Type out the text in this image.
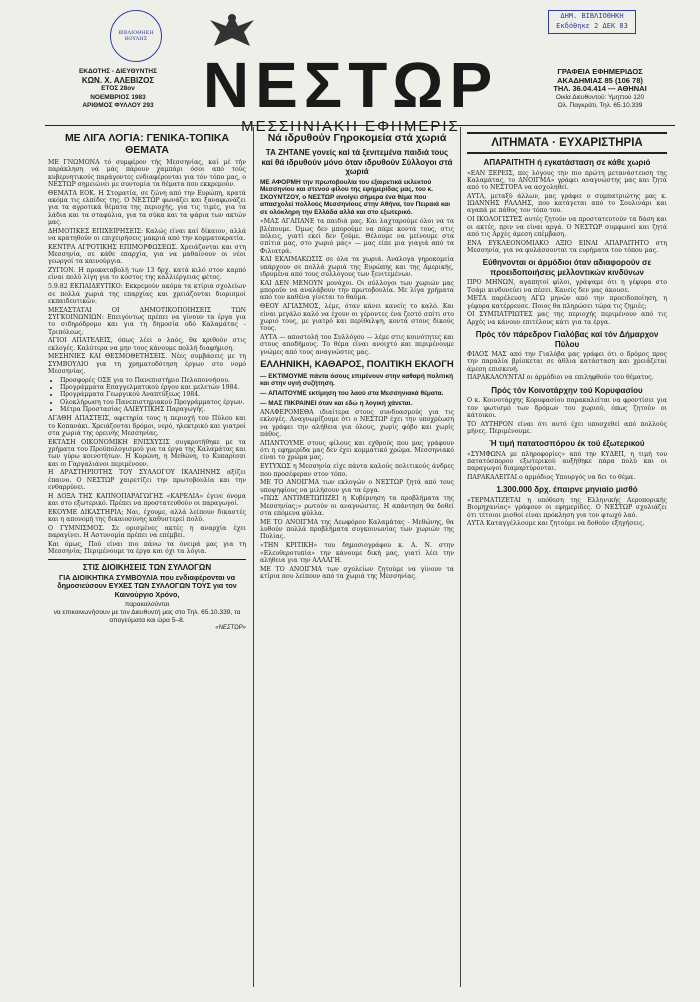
ΒΙΒΛΙΟΘΗΚΗ ΒΟΥΛΗΣ
ΔΗΜ. ΒΙΒΛΙΟΘΗΚΗ
Εκδόθηκε 2 ΔΕΚ 83
ΕΚΔΟΤΗΣ - ΔΙΕΥΘΥΝΤΗΣ
ΚΩΝ. Χ. ΑΛΕΒΙΖΟΣ
ΕΤΟΣ 28ον
ΝΟΕΜΒΡΙΟΣ 1983
ΑΡΙΘΜΟΣ ΦΥΛΛΟΥ 293 ΝΕΣΤΩΡ
ΜΕΣΣΗΝΙΑΚΗ ΕΦΗΜΕΡΙΣ
ΓΡΑΦΕΙΑ ΕΦΗΜΕΡΙΔΟΣ
ΑΚΑΔΗΜΙΑΣ 85 (106 78)
ΤΗΛ. 36.04.414 — ΑΘΗΝΑΙ
Οικία Διευθυντού: Υμηττού 120
Ολ. Παγκράτι, Τηλ. 65.10.339
ΜΕ ΛΙΓΑ ΛΟΓΙΑ: ΓΕΝΙΚΑ-ΤΟΠΙΚΑ ΘΕΜΑΤΑ
ΜΕ ΓΝΩΜΟΝΑ τό συμφέρον τής Μεσσηνίας, καί μέ τήν παράκληση νά μάς πάρουν χαμπάρι όσοι από τούς κυβερνητικούς παράγοντες ενδιαφέρονται για τόν τόπο μας, ο ΝΕΣΤΩΡ σημειώνει με συντομία τα θέματα που εκκρεμούν.
ΘΕΜΑΤΑ ΕΟΚ. Η Στοματία, σε ζώνη από την Ευρώπη, κρατά ακόμα τις ελπίδες της. Ο ΝΕΣΤΩΡ φωνάζει και ξαναφωνάζει για τα αγροτικά θέματα της περιοχής, για τις τιμές, για τα λάδια και τα σταφύλια, για τα σύκα και τα ψάρια των ακτών μας.
ΔΗΜΟΤΙΚΕΣ ΕΠΙΧΕΙΡΗΣΕΙΣ: Καλώς είναι καί δίκαιον, αλλά να κρατηθούν οι επιχειρήσεις μακριά από την κομματοκρατία.
ΚΕΝΤΡΑ ΑΓΡΟΤΙΚΗΣ ΕΠΙΜΟΡΦΩΣΕΩΣ. Χρειάζονται και στη Μεσσηνία, σε κάθε επαρχία, για να μαθαίνουν οι νέοι γεωργοί τα καινούργια.
ΖΥΓΙΟΝ. Η προκαταβολή των 13 δρχ. κατά κιλό στον καρπό είναι πολύ λίγη για το κόστος της καλλιέργειας φέτος.
5.9.82 ΕΚΠΑΙΔΕΥΤΙΚΟ: Εκκρεμούν ακόμα τα κτίρια σχολείων σε πολλά χωριά της επαρχίας και χρειάζονται διορισμοί εκπαιδευτικών.
ΜΕΣΑΣΤΑΤΑΙ ΟΙ ΔΗΜΟΤΙΚΟΠΟΙΗΣΕΙΣ ΤΩΝ ΣΥΓΚΟΙΝΩΝΙΩΝ: Επειγόντως πρέπει να γίνουν τα έργα για το σιδηρόδρομο και για τη δημοσία οδό Καλαμάτας - Τριπόλεως.
ΑΓΙΟΙ ΑΠΑΤΕΛΕΙΣ, όπως λέει ο λαός, θα κριθούν στις εκλογές. Καλύτερα να μην τους κάνουμε πολλή διαφήμιση.
ΜΕΣΗΝΙΕΣ ΚΑΙ ΘΕΣΜΟΘΕΤΗΣΕΙΣ. Νέες συμβάσεις με τη ΣΥΜΒΟΥΛΙΟ για τη χρηματοδότηση έργων στο νομό Μεσσηνίας.
• Προσφορές ΟΣΕ για το Πανεπιστήμιο Πελοποννήσου.
• Προγράμματα Επαγγελματικού έργου και μελετών 1984.
• Προγράμματα Γεωργικού Αναπτύξεως 1984.
• Ολοκλήρωση του Πανεπιστημιακού Προγράμματος έργων.
• Μέτρα Προστασίας ΑΛΙΕΥΤΙΚΗΣ Παραγωγής.
ΑΓΑΘΗ ΑΠΑΣΤΕΙΣ, αφετηρία τους η περιοχή του Πύλου και το Κοπανάκι. Χρειάζονται δρόμοι, νερό, ηλεκτρικό και γιατροί στα χωριά της ορεινής Μεσσηνίας.
ΕΚΤΑΣΗ ΟΙΚΟΝΟΜΙΚΗ ΕΝΙΣΧΥΣΙΣ συγκροτήθηκε με τα χρήματα του Προϋπολογισμού για τα έργα της Καλαμάτας και των γύρω κοινοτήτων. Η Κορώνη, η Μεθώνη, το Κυπαρίσσι και οι Γαργαλιάνοι περιμένουν.
Η ΔΡΑΣΤΗΡΙΟΤΗΣ ΤΟΥ ΣΥΛΛΟΓΟΥ ΙΚΑΛΙΗΝΗΣ αξίζει έπαινο. Ο ΝΕΣΤΩΡ χαιρετίζει την πρωτοβουλία και την ενθαρρύνει.
Η ΔΟΞΑ ΤΗΣ ΚΑΠΝΟΠΑΡΑΓΩΓΗΣ «ΚΑΡΕΛΙΑ» έγινε όνομα και στο εξωτερικό. Πρέπει να προστατευθούν οι παραγωγοί.
ΕΚΟΥΜΕ ΔΙΚΑΣΤΗΡΙΑ; Ναι, έχουμε, αλλά λείπουν δικαστές και η απονομή της δικαιοσύνης καθυστερεί πολύ.
Ο ΓΥΜΝΙΣΜΟΣ. Σε ορισμένες ακτές η αναρχία έχει παραγίνει. Η Αστυνομία πρέπει να επέμβει.
Και όμως, Πού είναι πιο πάνω τα όνειρά μας για τη Μεσσηνία; Περιμένουμε τα έργα και όχι τα λόγια.
ΣΤΙΣ ΔΙΟΙΚΗΣΕΙΣ ΤΩΝ ΣΥΛΛΟΓΩΝ
ΓΙΑ ΔΙΟΙΚΗΤΙΚΑ ΣΥΜΒΟΥΛΙΑ που ενδιαφέρονται να δημοσιεύσουν ΕΥΧΕΣ ΤΩΝ ΣΥΛΛΟΓΩΝ ΤΟΥΣ για τον Καινούργιο Χρόνο,
παρακαλούνται
να επικοινωνήσουν με τον Διευθυντή μας στο Τηλ. 65.10.339, τα απογεύματα και ώρα 5–8.
«ΝΕΣΤΩΡ»
Νά ιδρυθούν Γηροκομεία στά χωριά
ΤΑ ΖΗΤΑΝΕ γονείς καί τά ξενιτεμένα παιδιά τους καί θά ιδρυθούν μόνο όταν ιδρυθούν Σύλλογοι στά χωριά
ΜΕ ΑΦΟΡΜΗ την πρωτοβουλία του εξαιρετικά εκλεκτού Μεσσηνίου και στενού φίλου της εφημερίδας μας, του κ. ΣΚΟΥΝΤΖΟΥ, ο ΝΕΣΤΩΡ ανοίγει σήμερα ένα θέμα που απασχολεί πολλούς Μεσσηνίους στην Αθήνα, τον Πειραιά και σε ολόκληρη την Ελλάδα αλλά και στο εξωτερικό.
«ΜΑΣ ΑΓΑΠΑΝΕ τα παιδιά μας. Και λαχταρούμε όλοι να τα βλέπουμε. Όμως δεν μπορούμε να πάμε κοντά τους, στις πόλεις, γιατί εκεί δεν ζούμε. Θέλουμε να μείνουμε στα σπίτια μας, στο χωριό μας» — μας είπε μια γιαγιά από τα Φιλιατρά.
ΚΑΙ ΕΚΛΙΜΑΚΩΣΙΣ σε όλα τα χωριά. Ανάλογα γηροκομεία υπάρχουν σε πολλά χωριά της Ευρώπης και της Αμερικής, ιδρυμένα από τους συλλόγους των ξενιτεμένων.
ΚΑΙ ΔΕΝ ΜΕΝΟΥΝ μονάχοι. Οι σύλλογοι των χωριών μας μπορούν να αναλάβουν την πρωτοβουλία. Με λίγα χρήματα από τον καθένα γίνεται το θαύμα.
ΘΕΟΥ ΑΓΙΑΣΜΟΣ, λέμε, όταν κάνει κανείς το καλό. Και είναι μεγάλο καλό να έχουν οι γέροντες ένα ζεστό σπίτι στο χωριό τους, με γιατρό και περίθαλψη, κοντά στους δικούς τους.
ΑΥΤΑ — αποστολή του Συλλόγου — λέμε στις κοινότητες και στους αποδήμους. Το θέμα είναι ανοιχτό και περιμένουμε γνώμες από τους αναγνώστες μας.
ΕΛΛΗΝΙΚΗ, ΚΑΘΑΡΟΣ, ΠΟΛΙΤΙΚΗ ΕΚΛΟΓΗ
— ΕΚΤΙΜΟΥΜΕ πάντα όσους επιμένουν στην καθαρή πολιτική και στην υγιή συζήτηση.
— ΑΠΑΙΤΟΥΜΕ εκτίμηση του λαού στα Μεσσηνιακά θέματα.
— ΜΑΣ ΠΙΚΡΑΙΝΕΙ όταν και εδώ η λογική χάνεται.
ΑΝΑΦΕΡΟΜΕΘΑ ιδιαίτερα στους συνδυασμούς για τις εκλογές. Αναγνωρίζουμε ότι ο ΝΕΣΤΩΡ έχει την υποχρέωση να γράφει την αλήθεια για όλους, χωρίς φόβο και χωρίς πάθος.
ΑΠΑΝΤΟΥΜΕ στους φίλους και εχθρούς που μας γράφουν ότι η εφημερίδα μας δεν έχει κομματικό χρώμα. Μεσσηνιακό είναι το χρώμα μας.
ΕΥΤΥΧΩΣ η Μεσσηνία είχε πάντα καλούς πολιτικούς άνδρες που προσέφεραν στον τόπο.
ΜΕ ΤΟ ΑΝΟΙΓΜΑ των εκλογών ο ΝΕΣΤΩΡ ζητά από τους υποψηφίους να μιλήσουν για τα έργα.
«ΠΩΣ ΑΝΤΙΜΕΤΩΠΙΖΕΙ η Κυβέρνηση τα προβλήματα της Μεσσηνίας;» ρωτούν οι αναγνώστες. Η απάντηση θα δοθεί στα επόμενα φύλλα.
ΜΕ ΤΟ ΑΝΟΙΓΜΑ της Λεωφόρου Καλαμάτας - Μεθώνης, θα λυθούν πολλά προβλήματα συγκοινωνίας των χωριών της Πυλίας.
«ΤΗΝ ΚΡΙΤΙΚΗ» του δημοσιογράφου κ. Α. Ν. στην «Ελευθεροτυπία» την κάνουμε δική μας, γιατί λέει την αλήθεια για την ΑΛΛΑΓΗ.
ΜΕ ΤΟ ΑΝΟΙΓΜΑ των σχολείων ζητούμε να γίνουν τα κτίρια που λείπουν από τα χωριά της Μεσσηνίας.
ΛΙΤΗΜΑΤΑ · ΕΥΧΑΡΙΣΤΗΡΙΑ
ΑΠΑΡΑΙΤΗΤΗ ή εγκατάσταση σε κάθε χωριό
«ΕΑΝ ΞΕΡΕΙΣ, πες λόγους την πιο πρώτη μετανάστευση της Καλαμάτας, το ΑΝΟΙΓΜΑ» γράφει αναγνώστης μας και ζητά από το ΝΕΣΤΟΡΑ να ασχοληθεί.
ΑΥΤΑ, μεταξύ άλλων, μας γράφει ο συμπατριώτης μας κ. ΙΩΑΝΝΗΣ ΡΑΛΛΗΣ, που κατάγεται από το Σουλινάρι και αγαπά με πάθος τον τόπο του.
ΟΙ ΙΚΟΛΟΓΙΣΤΕΣ αυτές ζητούν να προστατευτούν τα δάση και οι ακτές, πριν να είναι αργά. Ο ΝΕΣΤΩΡ συμφωνεί και ζητά από τις Αρχές άμεση επέμβαση.
ΕΝΑ ΕΥΚΛΕΟΝΟΜΙΑΚΟ ΑΞΙΟ ΕΙΝΑΙ ΑΠΑΡΑΙΤΗΤΟ στη Μεσσηνία, για να φυλάσσονται τα ευρήματα του τόπου μας.
Εύθηνονται οι άρμόδιοι όταν αδιαφορούν σε προειδοποιήσεις μελλοντικών κινδύνων
ΠΡΟ ΜΗΝΩΝ, αγαπητοί φίλοι, γράψαμε ότι η γέφυρα στο Τσάμι κινδυνεύει να πέσει. Κανείς δεν μας άκουσε.
ΜΕΤΑ παρέλευση ΑΓΩ μηνών από την προειδοποίηση, η γέφυρα κατέρρευσε. Ποιος θα πληρώσει τώρα τις ζημιές;
ΟΙ ΣΥΜΠΑΤΡΙΩΤΕΣ μας της περιοχής περιμένουν από τις Αρχές να κάνουν επιτέλους κάτι για τα έργα.
Πρός τόν πάρεδρον Γιαλόβας καί τόν Δήμαρχον Πύλου
ΦΙΛΟΣ ΜΑΣ από την Γιαλόβα μας γράφει ότι ο δρόμος προς την παραλία βρίσκεται σε άθλια κατάσταση και χρειάζεται άμεση επισκευή.
ΠΑΡΑΚΑΛΟΥΝΤΑΙ οι άρμόδιοι να επιληφθούν του θέματος.
Πρός τόν Κοινοτάρχην τού Κορυφασίου
Ο κ. Κοινοτάρχης Κορυφασίου παρακαλείται να φροντίσει για τον φωτισμό των δρόμων του χωριού, όπως ζητούν οι κάτοικοι.
ΤΟ ΑΥΤΗΡΟΝ είναι ότι αυτό έχει υποσχεθεί από πολλούς μήνες. Περιμένουμε.
Ή τιμή πατατοσπόρου έκ τού έξωτερικού
«ΣΥΜΦΩΝΑ με πληροφορίες» από την ΚΥΔΕΠ, η τιμή του πατατόσπορου εξωτερικού αυξήθηκε πάρα πολύ και οι παραγωγοί διαμαρτύρονται.
ΠΑΡΑΚΑΛΕΙΤΑΙ ο αρμόδιος Υπουργός να δει το θέμα.
1.300.000 δρχ. έπαιρνε μηνιαίο μισθό
«ΤΕΡΜΑΤΙΖΕΤΑΙ η υπόθεση της Ελληνικής Αεροπορικής Βιομηχανίας» γράφουν οι εφημερίδες. Ο ΝΕΣΤΩΡ σχολιάζει ότι τέτοιοι μισθοί είναι πρόκληση για τον φτωχό λαό.
ΑΥΤΑ Καταγγέλλουμε και ζητούμε να δοθούν εξηγήσεις.
